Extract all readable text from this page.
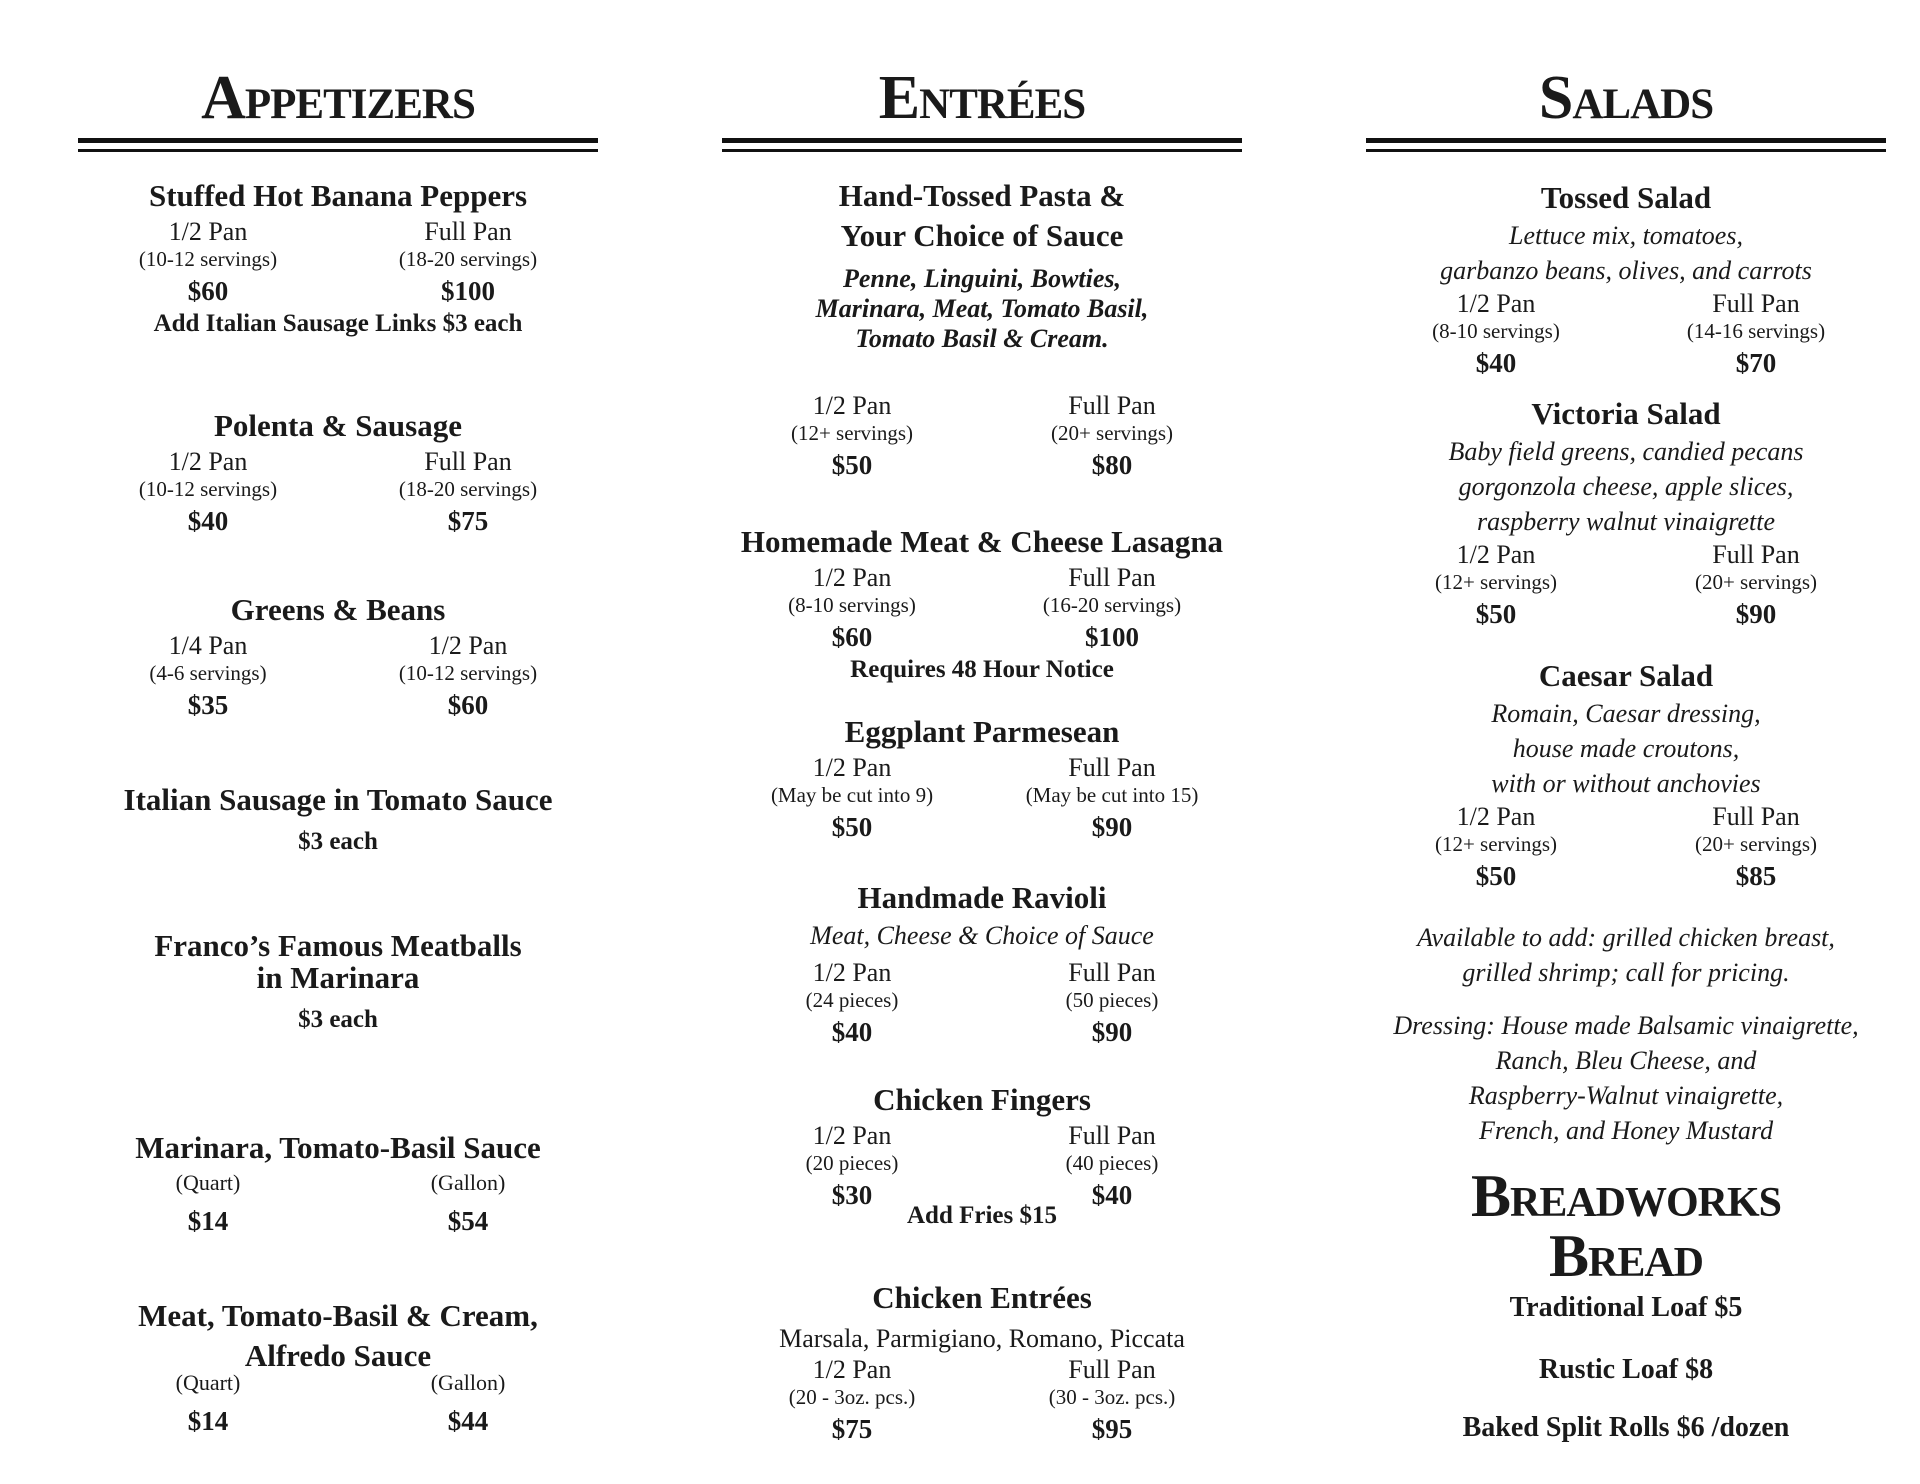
Appetizers
Stuffed Hot Banana Peppers
1/2 Pan
(10-12 servings)
$60
Full Pan
(18-20 servings)
$100
Add Italian Sausage Links $3 each
Polenta & Sausage
1/2 Pan
(10-12 servings)
$40
Full Pan
(18-20 servings)
$75
Greens & Beans
1/4 Pan
(4-6 servings)
$35
1/2 Pan
(10-12 servings)
$60
Italian Sausage in Tomato Sauce
$3 each
Franco’s Famous Meatballs
in Marinara
$3 each
Marinara, Tomato-Basil Sauce
(Quart)
$14
(Gallon)
$54
Meat, Tomato-Basil & Cream,
Alfredo Sauce
(Quart)
$14
(Gallon)
$44
Entrées
Hand-Tossed Pasta &
Your Choice of Sauce
Penne, Linguini, Bowties,
Marinara, Meat, Tomato Basil,
Tomato Basil & Cream.
1/2 Pan
(12+ servings)
$50
Full Pan
(20+ servings)
$80
Homemade Meat & Cheese Lasagna
1/2 Pan
(8-10 servings)
$60
Full Pan
(16-20 servings)
$100
Requires 48 Hour Notice
Eggplant Parmesean
1/2 Pan
(May be cut into 9)
$50
Full Pan
(May be cut into 15)
$90
Handmade Ravioli
Meat, Cheese & Choice of Sauce
1/2 Pan
(24 pieces)
$40
Full Pan
(50 pieces)
$90
Chicken Fingers
1/2 Pan
(20 pieces)
$30
Full Pan
(40 pieces)
$40
Add Fries $15
Chicken Entrées
Marsala, Parmigiano, Romano, Piccata
1/2 Pan
(20 - 3oz. pcs.)
$75
Full Pan
(30 - 3oz. pcs.)
$95
Salads
Tossed Salad
Lettuce mix, tomatoes,
garbanzo beans, olives, and carrots
1/2 Pan
(8-10 servings)
$40
Full Pan
(14-16 servings)
$70
Victoria Salad
Baby field greens, candied pecans
gorgonzola cheese, apple slices,
raspberry walnut vinaigrette
1/2 Pan
(12+ servings)
$50
Full Pan
(20+ servings)
$90
Caesar Salad
Romain, Caesar dressing,
house made croutons,
with or without anchovies
1/2 Pan
(12+ servings)
$50
Full Pan
(20+ servings)
$85
Available to add: grilled chicken breast,
grilled shrimp; call for pricing.
Dressing: House made Balsamic vinaigrette,
Ranch, Bleu Cheese, and
Raspberry-Walnut vinaigrette,
French, and Honey Mustard
Breadworks
Bread
Traditional Loaf $5
Rustic Loaf $8
Baked Split Rolls $6 /dozen
